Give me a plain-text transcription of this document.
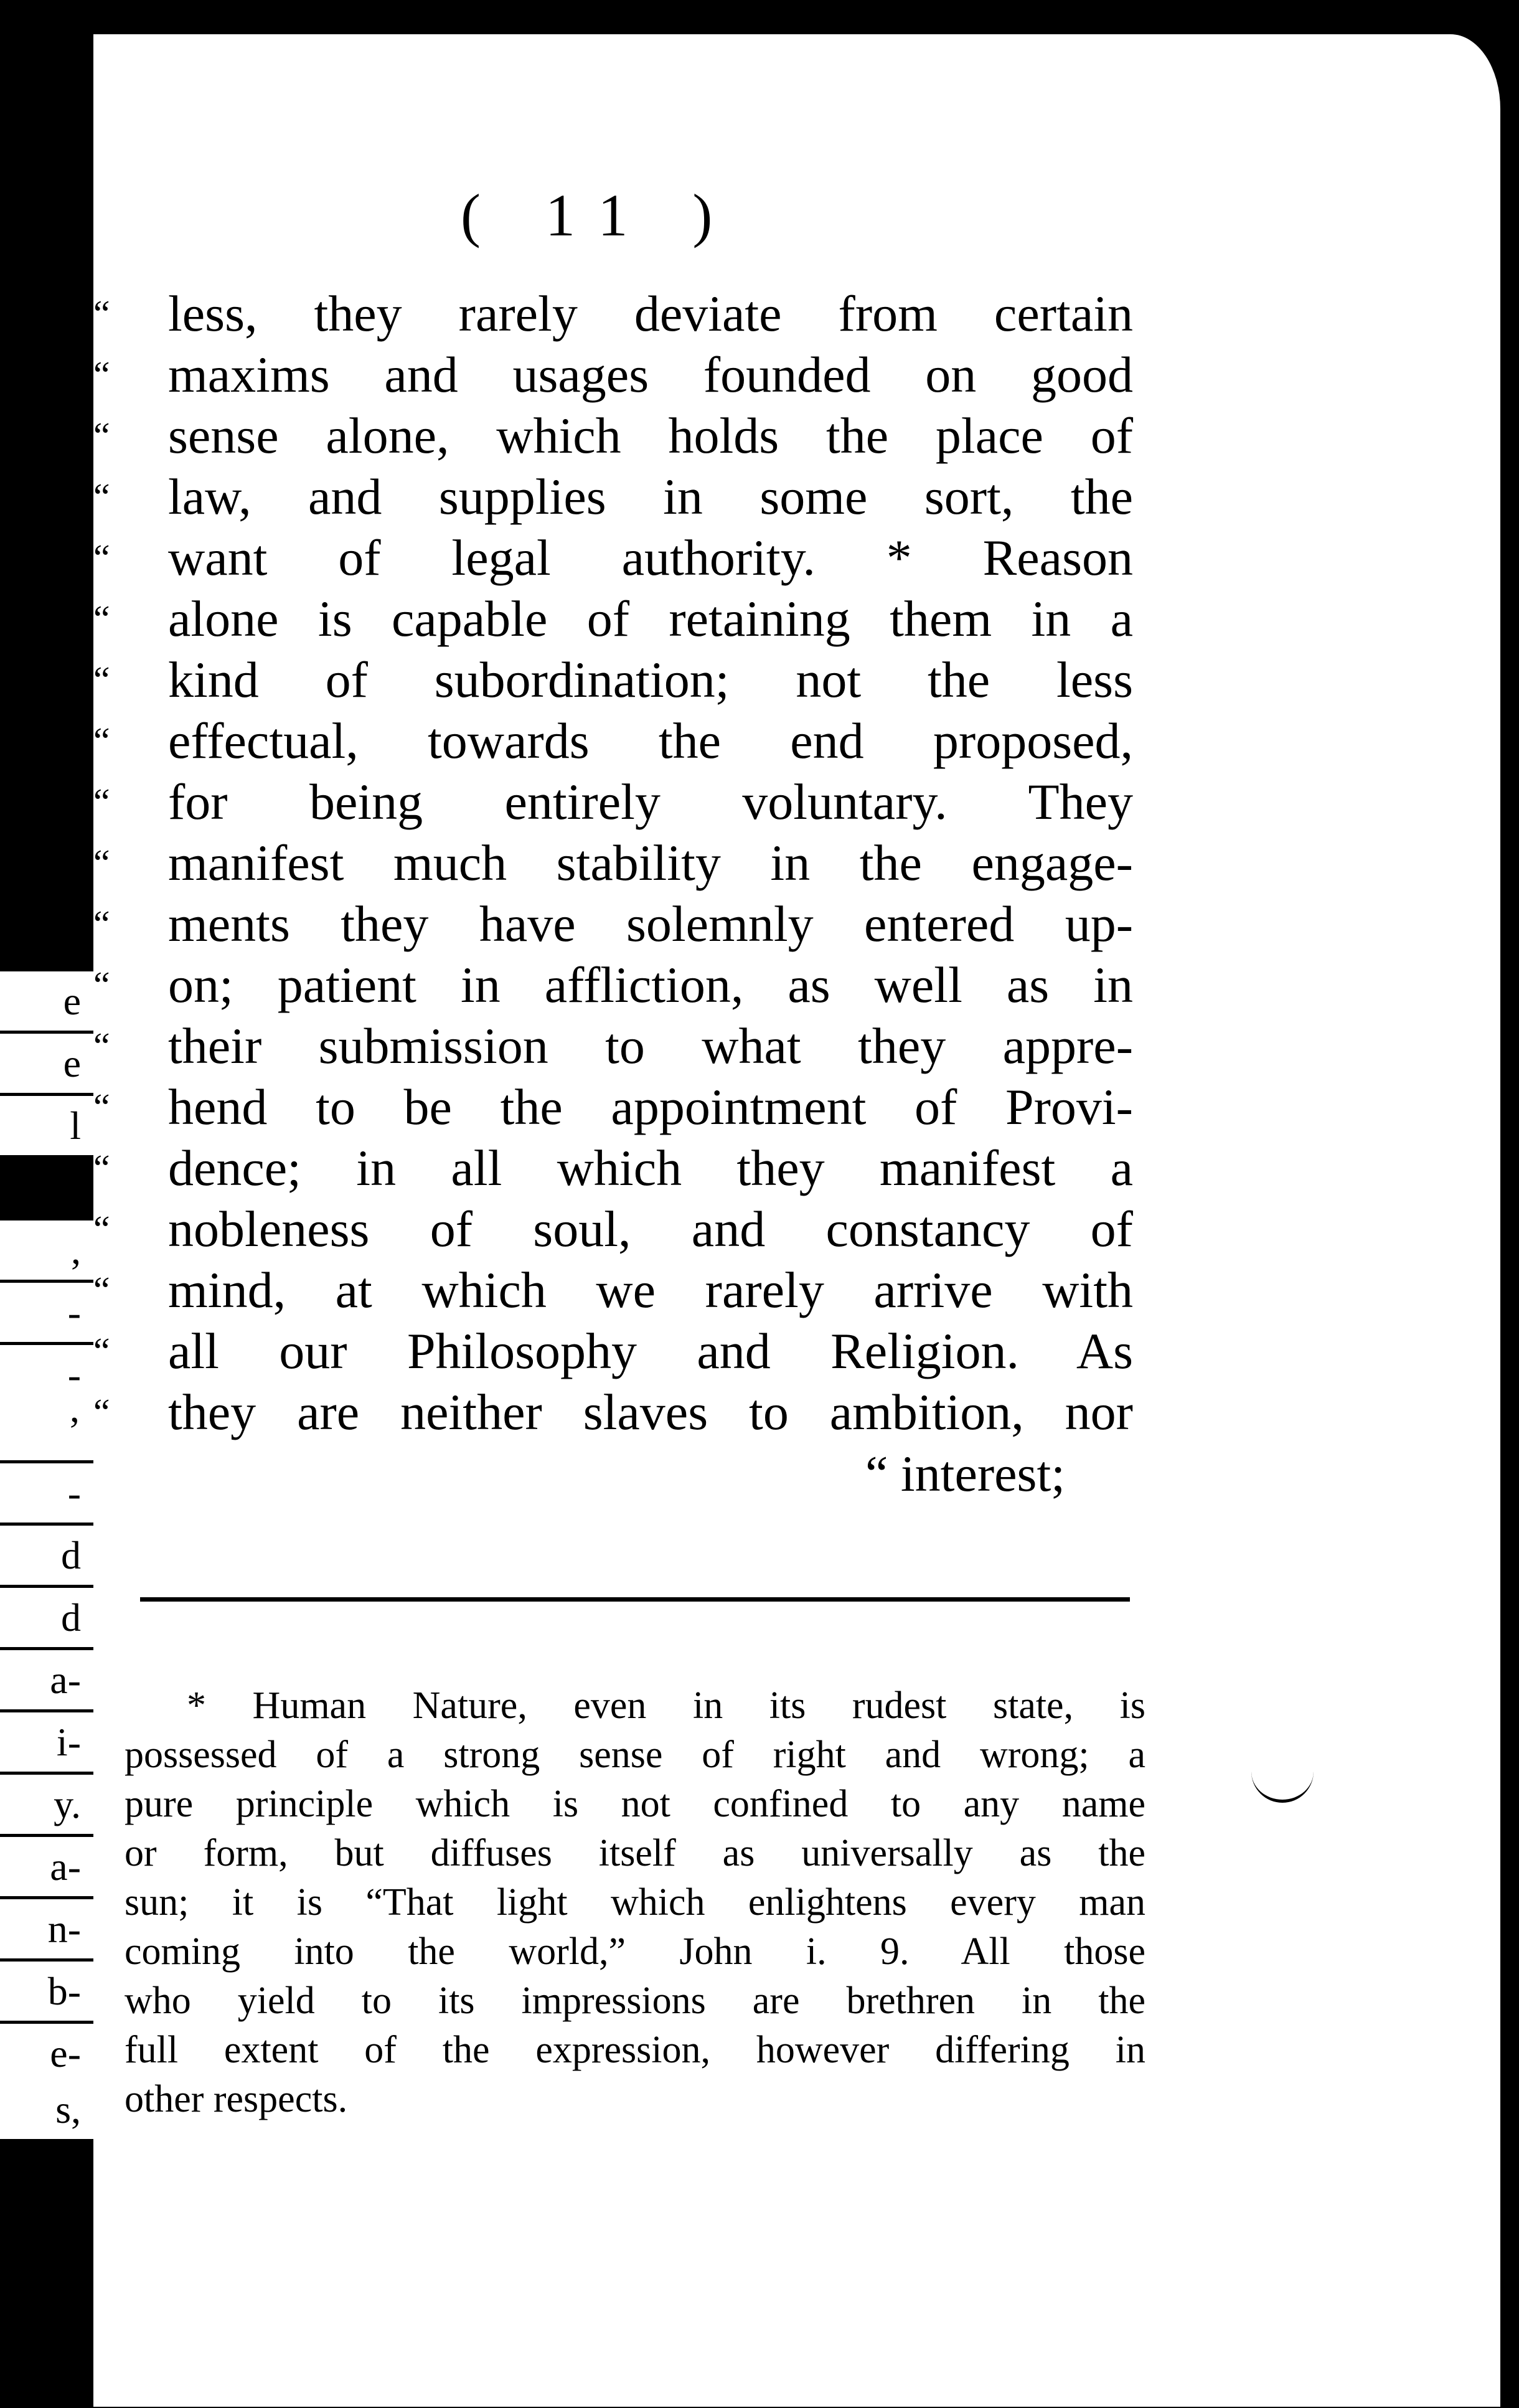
( 11 )
“ less, they rarely deviate from certain
“ maxims and usages founded on good
“ sense alone, which holds the place of
“ law, and supplies in some sort, the
“ want of legal authority. * Reason
“ alone is capable of retaining them in a
“ kind of subordination; not the less
“ effectual, towards the end proposed,
“ for being entirely voluntary. They
“ manifest much stability in the engage-
“ ments they have solemnly entered up-
“ on; patient in affliction, as well as in
“ their submission to what they appre-
“ hend to be the appointment of Provi-
“ dence; in all which they manifest a
“ nobleness of soul, and constancy of
“ mind, at which we rarely arrive with
“ all our Philosophy and Religion. As
“ they are neither slaves to ambition, nor
“ interest;
* Human Nature, even in its rudest state, is
possessed of a strong sense of right and wrong; a
pure principle which is not confined to any name
or form, but diffuses itself as universally as the
sun; it is “That light which enlightens every man
coming into the world,” John i. 9. All those
who yield to its impressions are brethren in the
full extent of the expression, however differing in
other respects.
e
e
l
,
-
-
’
-
d
d
a-
i-
y.
a-
n-
b-
e-
s,
